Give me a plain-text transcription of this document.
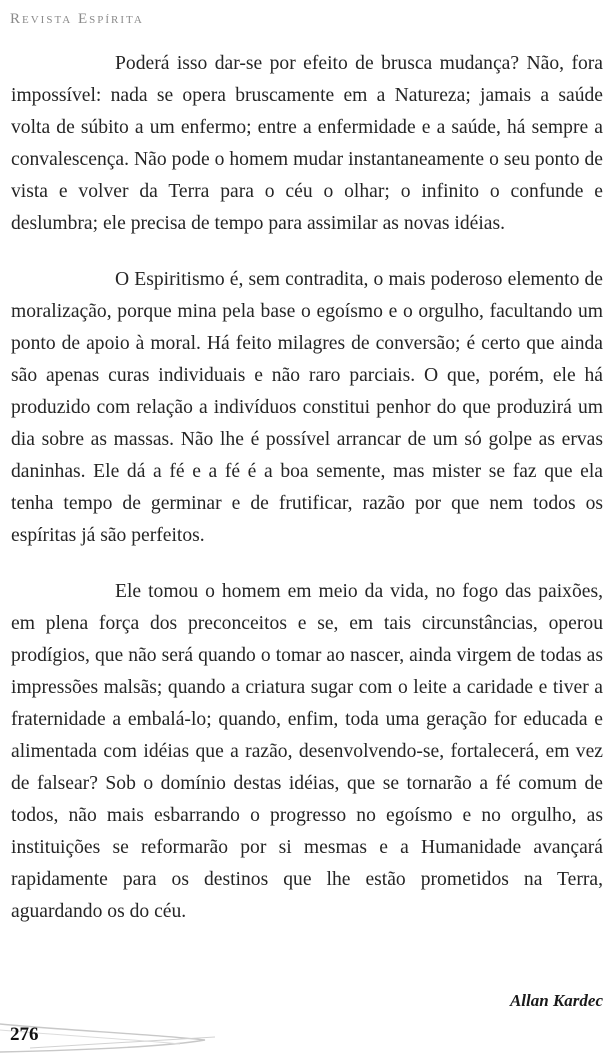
Revista Espírita

Poderá isso dar-se por efeito de brusca mudança? Não, fora impossível: nada se opera bruscamente em a Natureza; jamais a saúde volta de súbito a um enfermo; entre a enfermidade e a saúde, há sempre a convalescença. Não pode o homem mudar instantaneamente o seu ponto de vista e volver da Terra para o céu o olhar; o infinito o confunde e deslumbra; ele precisa de tempo para assimilar as novas idéias.

O Espiritismo é, sem contradita, o mais poderoso elemento de moralização, porque mina pela base o egoísmo e o orgulho, facultando um ponto de apoio à moral. Há feito milagres de conversão; é certo que ainda são apenas curas individuais e não raro parciais. O que, porém, ele há produzido com relação a indivíduos constitui penhor do que produzirá um dia sobre as massas. Não lhe é possível arrancar de um só golpe as ervas daninhas. Ele dá a fé e a fé é a boa semente, mas mister se faz que ela tenha tempo de germinar e de frutificar, razão por que nem todos os espíritas já são perfeitos.

Ele tomou o homem em meio da vida, no fogo das paixões, em plena força dos preconceitos e se, em tais circunstâncias, operou prodígios, que não será quando o tomar ao nascer, ainda virgem de todas as impressões malsãs; quando a criatura sugar com o leite a caridade e tiver a fraternidade a embalá-lo; quando, enfim, toda uma geração for educada e alimentada com idéias que a razão, desenvolvendo-se, fortalecerá, em vez de falsear? Sob o domínio destas idéias, que se tornarão a fé comum de todos, não mais esbarrando o progresso no egoísmo e no orgulho, as instituições se reformarão por si mesmas e a Humanidade avançará rapidamente para os destinos que lhe estão prometidos na Terra, aguardando os do céu.

Allan Kardec
276
